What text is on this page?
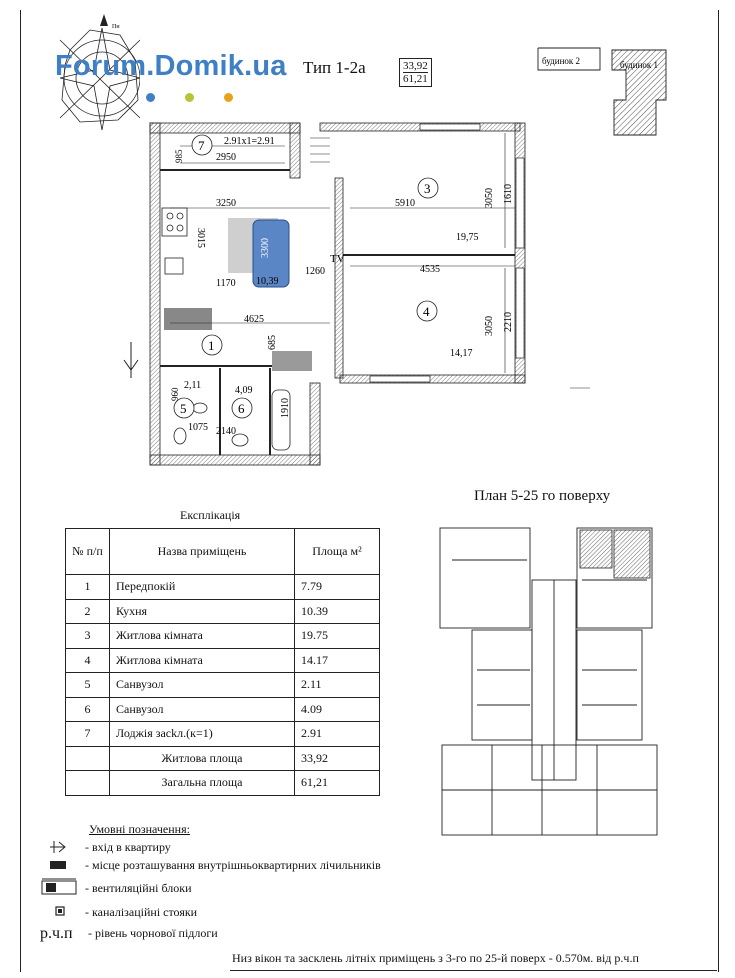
Пн
Forum.Domik.ua Тип 1-2а	33,92
61,21
будинок 2	будинок 1
7
3
4
1
5	6
2.91х1=2.91
2950
985
3250	5910	3050 1610
19,75
3015	3300
1260
TV
4535
1170 10,39
4625	3050 2210
685
14,17
960
2,11	4,09
1910
1075 2140
План 5-25 го поверху
Експлікація
№ п/п	Назва приміщень	Площа м²
1	Передпокій	7.79
2	Кухня	10.39
3	Житлова кімната	19.75
4	Житлова кімната	14.17
5	Санвузол	2.11
6	Санвузол	4.09
7	Лоджія засkл.(к=1)	2.91
	Житлова площа	33,92
	Загальна площа	61,21
Умовні позначення:
- вхід в квартиру
- місце розташування внутрішньоквартирних лічильників
- вентиляційні блоки
- каналізаційні стояки
р.ч.п - рівень чорнової підлоги
Низ вікон та засклень літніх приміщень з 3-го по 25-й поверх - 0.570м. від р.ч.п
